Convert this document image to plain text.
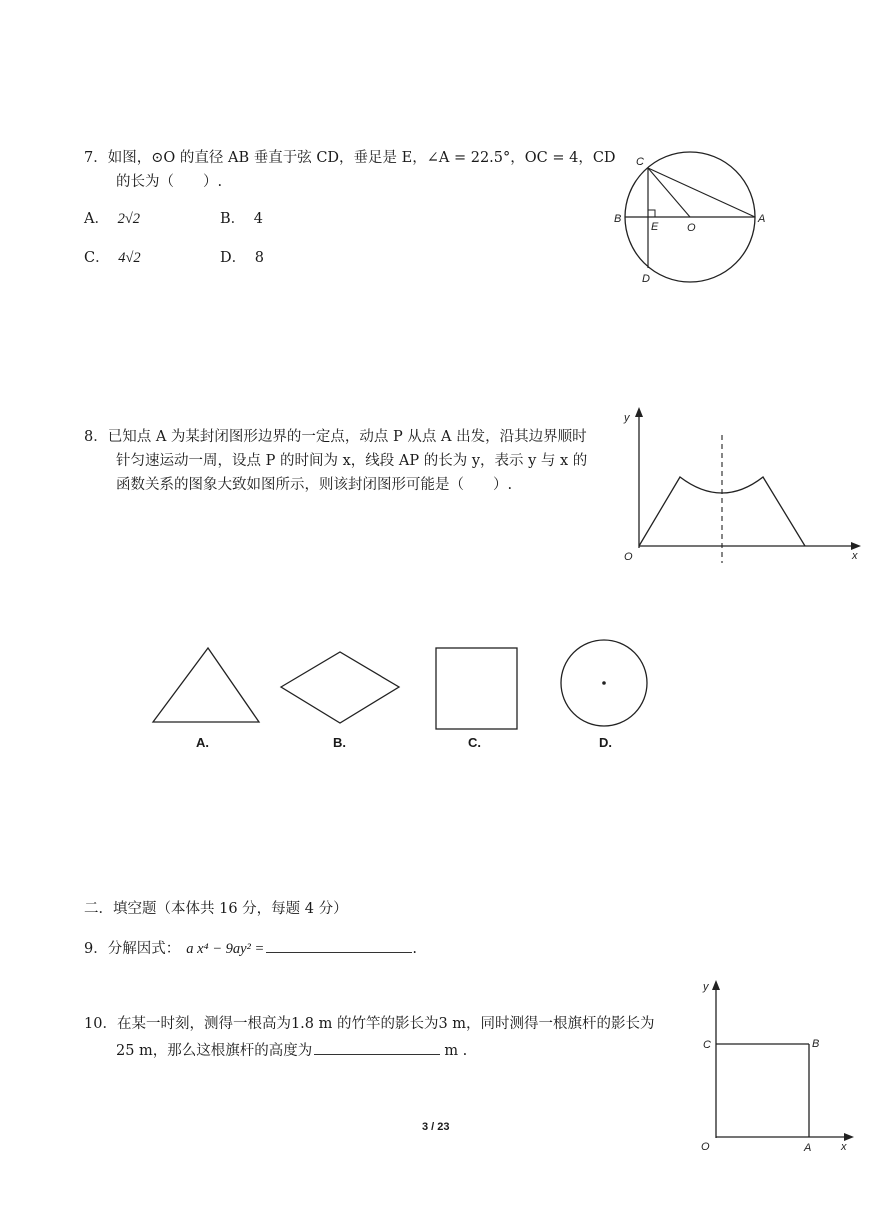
7．如图，⊙O 的直径 AB 垂直于弦 CD，垂足是 E，∠A = 22.5°，OC = 4，CD
的长为（　　）.
A． 2√2	B． 4
C． 4√2	D． 8
C
B
E	O
A
D
8．已知点 A 为某封闭图形边界的一定点，动点 P 从点 A 出发，沿其边界顺时
针匀速运动一周，设点 P 的时间为 x，线段 AP 的长为 y，表示 y 与 x 的
函数关系的图象大致如图所示，则该封闭图形可能是（　　）.
y
O	x
A.	B.	C.	D.
二．填空题（本体共 16 分，每题 4 分）
9．分解因式： a x⁴ − 9ay² =	.
10．在某一时刻，测得一根高为1.8 m 的竹竿的影长为3 m，同时测得一根旗杆的影长为
25 m，那么这根旗杆的高度为	m .
y
C	B
O	A	x
3 / 23
